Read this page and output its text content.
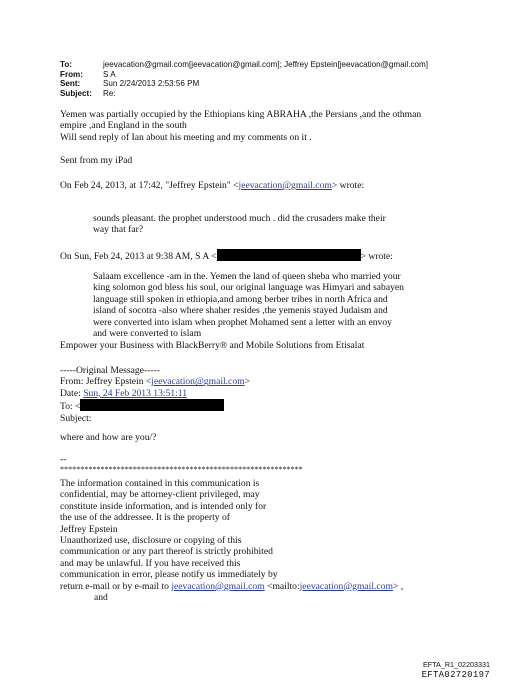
To:	jeevacation@gmail.com[jeevacation@gmail.com]; Jeffrey Epstein[jeevacation@gmail.com]
From:	S A
Sent:	Sun 2/24/2013 2:53:56 PM
Subject:	Re:
Yemen was partially occupied by the Ethiopians king ABRAHA ,the Persians ,and the othman
empire ,and England in the south
Will send reply of Ian about his meeting and my comments on it .
Sent from my iPad
On Feb 24, 2013, at 17:42, "Jeffrey Epstein" <jeevacation@gmail.com> wrote:
sounds pleasant. the prophet understood much . did the crusaders make their
way that far?
On Sun, Feb 24, 2013 at 9:38 AM, S A <	> wrote:
Salaam excellence -am in the. Yemen the land of queen sheba who married your
king solomon god bless his soul, our original language was Himyari and sabayen
language still spoken in ethiopia,and among berber tribes in north Africa and
island of socotra -also where shaher resides ,the yemenis stayed Judaism and
were converted into islam when prophet Mohamed sent a letter with an envoy
and were converted to islam
Empower your Business with BlackBerry® and Mobile Solutions from Etisalat
-----Original Message-----
From: Jeffrey Epstein <jeevacation@gmail.com>
Date: Sun, 24 Feb 2013 13:51:11
To: <
Subject:
where and how are you/?
--
************************************************************
The information contained in this communication is
confidential, may be attorney-client privileged, may
constitute inside information, and is intended only for
the use of the addressee. It is the property of
Jeffrey Epstein
Unauthorized use, disclosure or copying of this
communication or any part thereof is strictly prohibited
and may be unlawful. If you have received this
communication in error, please notify us immediately by
return e-mail or by e-mail to jeevacation@gmail.com <mailto:jeevacation@gmail.com> ,
and
EFTA_R1_02203331
EFTA02720197
